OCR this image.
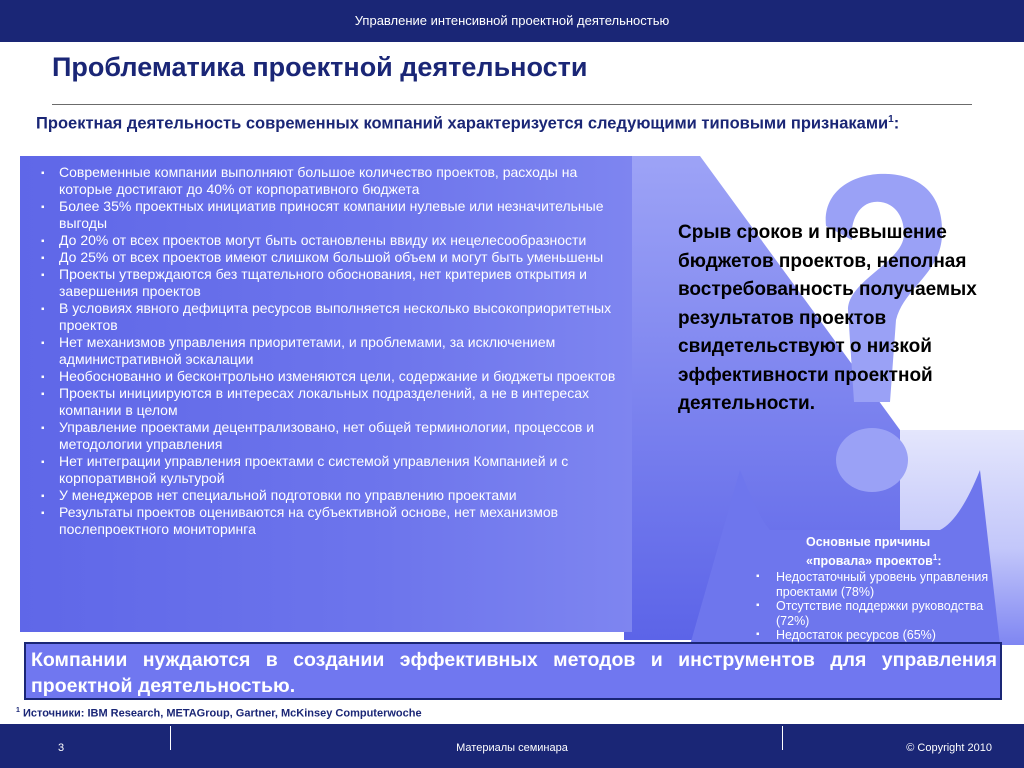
Управление интенсивной проектной деятельностью
Проблематика проектной деятельности
Проектная деятельность современных компаний характеризуется следующими типовыми признаками$^1$:
▪ Современные компании выполняют большое количество проектов, расходы на которые достигают до 40% от корпоративного бюджета
▪ Более 35% проектных инициатив приносят компании нулевые или незначительные выгоды
▪ До 20% от всех проектов могут быть остановлены ввиду их нецелесообразности
▪ До 25% от всех проектов имеют слишком большой объем и могут быть уменьшены
▪ Проекты утверждаются без тщательного обоснования, нет критериев открытия и завершения проектов
▪ В условиях явного дефицита ресурсов выполняется несколько высокоприоритетных проектов
▪ Нет механизмов управления приоритетами, и проблемами, за исключением административной эскалации
▪ Необоснованно и бесконтрольно изменяются цели, содержание и бюджеты проектов
▪ Проекты инициируются в интересах локальных подразделений, а не в интересах компании в целом
▪ Управление проектами децентрализовано, нет общей терминологии, процессов и методологии управления
▪ Нет интеграции управления проектами с системой управления Компанией и с корпоративной культурой
▪ У менеджеров нет специальной подготовки по управлению проектами
▪ Результаты проектов оцениваются на субъективной основе, нет механизмов послепроектного мониторинга
Срыв сроков и превышение бюджетов проектов, неполная востребованность получаемых результатов проектов свидетельствуют о низкой эффективности проектной деятельности.
Основные причины
«провала» проектов$^1$:
▪ Недостаточный уровень управления проектами (78%)
▪ Отсутствие поддержки руководства (72%)
▪ Недостаток ресурсов (65%)
Компании нуждаются в создании эффективных методов и инструментов для управления проектной деятельностью.
$^1$ Источники: IBM Research, METAGroup, Gartner, McKinsey Computerwoche
3	Материалы семинара	© Copyright 2010
